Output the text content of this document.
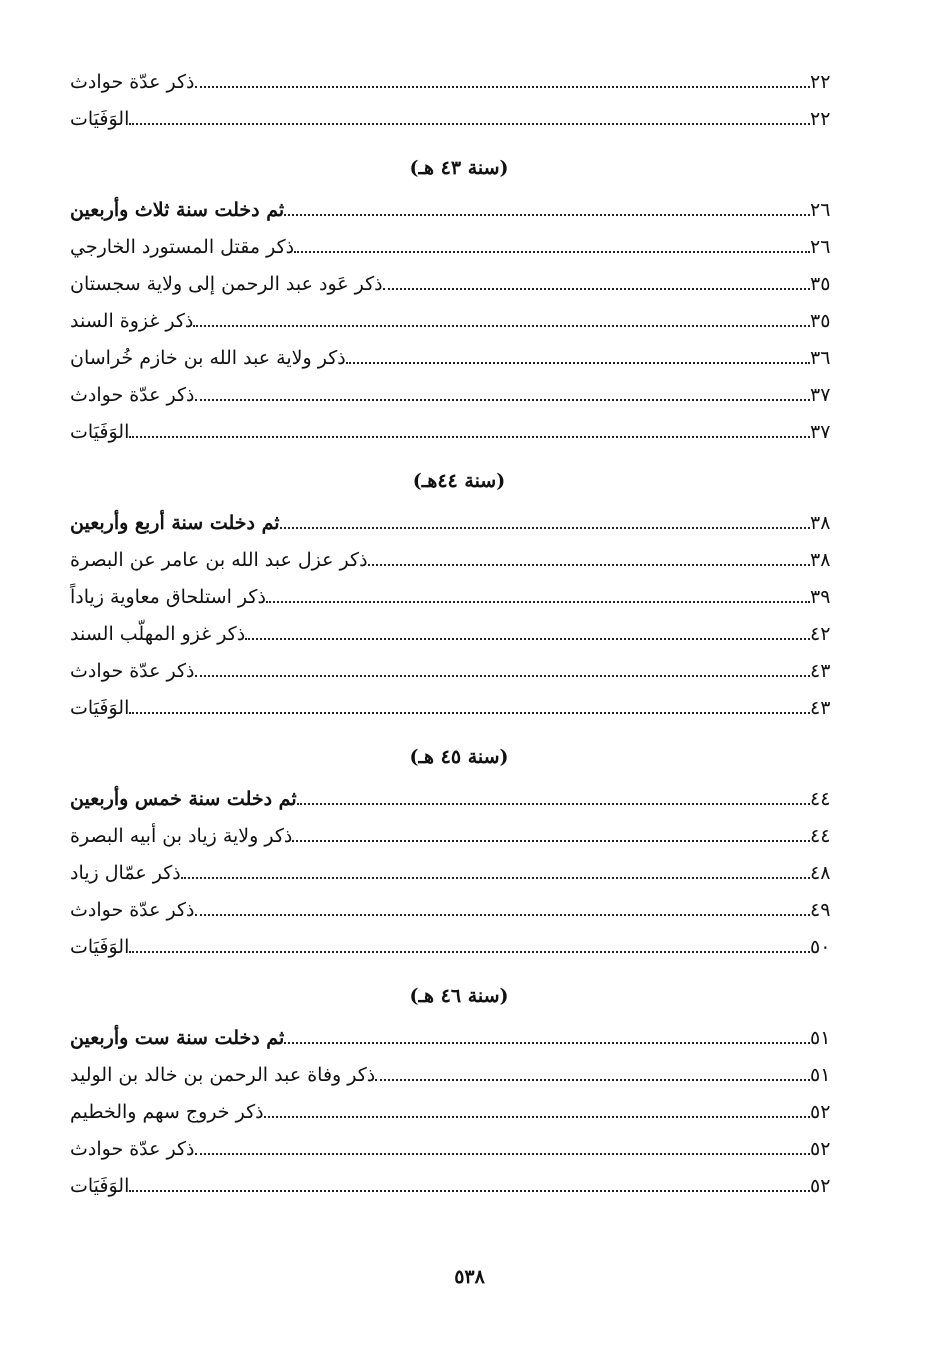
ذكر عدّة حوادث	٢٢
الوَفَيَات	٢٢
(سنة ٤٣ هـ)
ثم دخلت سنة ثلاث وأربعين	٢٦
ذكر مقتل المستورد الخارجي	٢٦
ذكر عَود عبد الرحمن إلى ولاية سجستان	٣٥
ذكر غزوة السند	٣٥
ذكر ولاية عبد الله بن خازم خُراسان	٣٦
ذكر عدّة حوادث	٣٧
الوَفَيَات	٣٧
(سنة ٤٤هـ)
ثم دخلت سنة أربع وأربعين	٣٨
ذكر عزل عبد الله بن عامر عن البصرة	٣٨
ذكر استلحاق معاوية زياداً	٣٩
ذكر غزو المهلّب السند	٤٢
ذكر عدّة حوادث	٤٣
الوَفَيَات	٤٣
(سنة ٤٥ هـ)
ثم دخلت سنة خمس وأربعين	٤٤
ذكر ولاية زياد بن أبيه البصرة	٤٤
ذكر عمّال زياد	٤٨
ذكر عدّة حوادث	٤٩
الوَفَيَات	٥٠
(سنة ٤٦ هـ)
ثم دخلت سنة ست وأربعين	٥١
ذكر وفاة عبد الرحمن بن خالد بن الوليد	٥١
ذكر خروج سهم والخطيم	٥٢
ذكر عدّة حوادث	٥٢
الوَفَيَات	٥٢
٥٣٨
